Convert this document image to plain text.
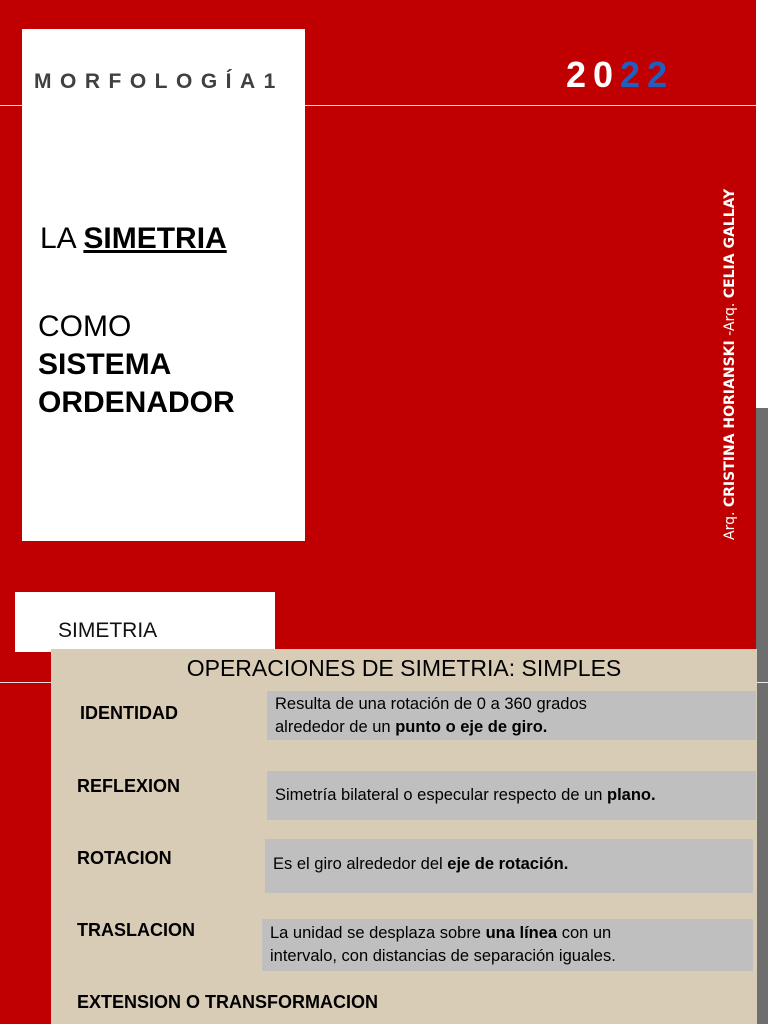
MORFOLOGÍA1	2022
LA SIMETRIA
COMO
SISTEMA
ORDENADOR
Arq. CRISTINA HORIANSKI -Arq. CELIA GALLAY
SIMETRIA
OPERACIONES DE SIMETRIA: SIMPLES
IDENTIDAD	Resulta de una rotación de 0 a 360 grados
alrededor de un punto o eje de giro.
REFLEXION	Simetría bilateral o especular respecto de un plano.
ROTACION	Es el giro alrededor del eje de rotación.
TRASLACION	La unidad se desplaza sobre una línea con un
intervalo, con distancias de separación iguales.
EXTENSION O TRANSFORMACION
